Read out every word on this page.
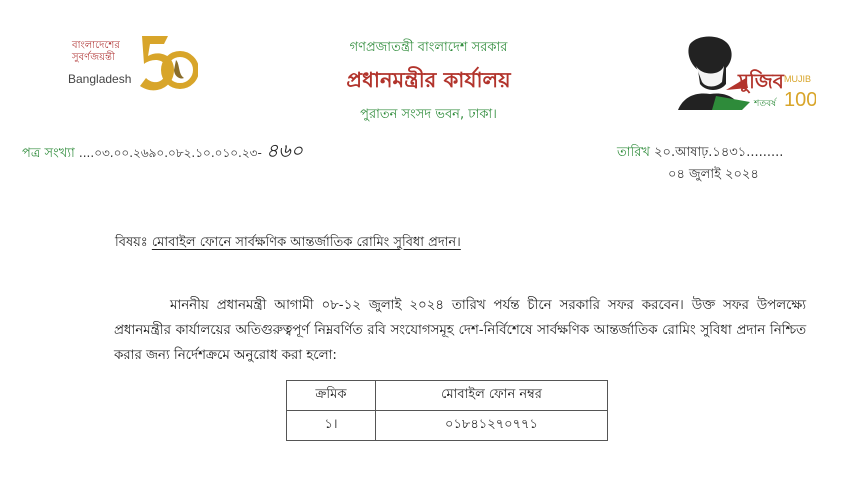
বাংলাদেশের
সুবর্ণজয়ন্তী
Bangladesh

গণপ্রজাতন্ত্রী বাংলাদেশ সরকার

প্রধানমন্ত্রীর কার্যালয়

পুরাতন সংসদ ভবন, ঢাকা।

মুজিব MUJIB
100
শতবর্ষ
পত্র সংখ্যা ....০৩.০০.২৬৯০.০৮২.১০.০১০.২৩- ৪৬০	তারিখ ২০.আষাঢ়.১৪৩১.........
০৪ জুলাই ২০২৪
বিষয়ঃ মোবাইল ফোনে সার্বক্ষণিক আন্তর্জাতিক রোমিং সুবিধা প্রদান।
মাননীয় প্রধানমন্ত্রী আগামী ০৮-১২ জুলাই ২০২৪ তারিখ পর্যন্ত চীনে সরকারি সফর করবেন। উক্ত সফর উপলক্ষ্যে প্রধানমন্ত্রীর কার্যালয়ের অতিগুরুত্বপূর্ণ নিম্নবর্ণিত রবি সংযোগসমূহ দেশ-নির্বিশেষে সার্বক্ষণিক আন্তর্জাতিক রোমিং সুবিধা প্রদান নিশ্চিত করার জন্য নির্দেশক্রমে অনুরোধ করা হলো:
ক্রমিক	মোবাইল ফোন নম্বর
১।	০১৮৪১২৭০৭৭১
